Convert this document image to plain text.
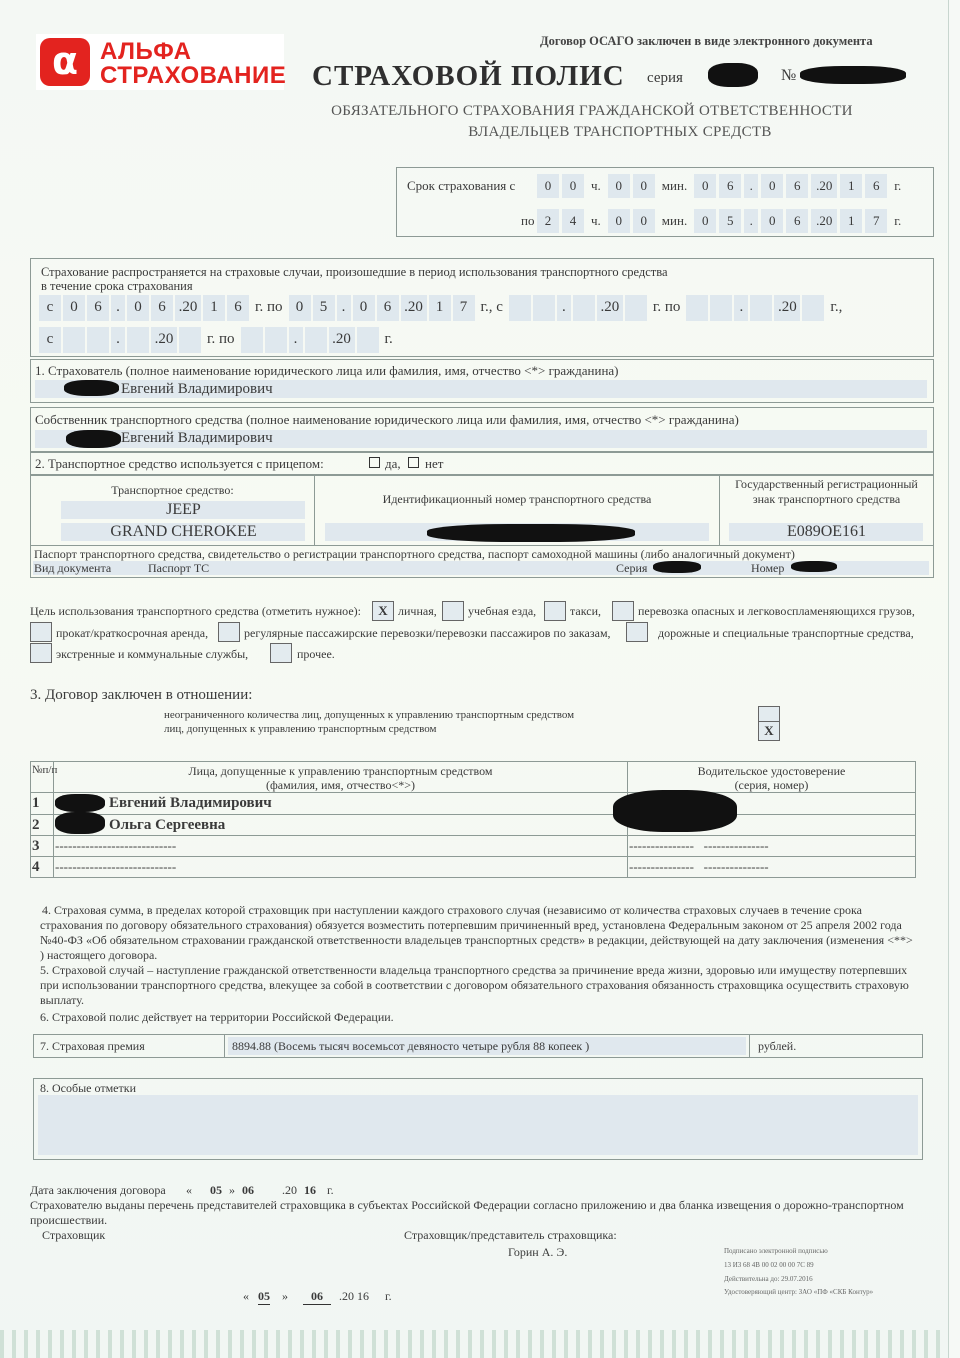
α АЛЬФА
СТРАХОВАНИЕ
Договор ОСАГО заключен в виде электронного документа
СТРАХОВОЙ ПОЛИС серия	№
ОБЯЗАТЕЛЬНОГО СТРАХОВАНИЯ ГРАЖДАНСКОЙ ОТВЕТСТВЕННОСТИ
ВЛАДЕЛЬЦЕВ ТРАНСПОРТНЫХ СРЕДСТВ
Срок страхования с	0	0	ч.	0	0	мин.	0	6	.	0	6	.20	1	6	г.
по 2	4	ч.	0	0	мин.	0	5	.	0	6	.20	1	7	г.
Страхование распространяется на страховые случаи, произошедшие в период использования транспортного средства
в течение срока страхования
с	0	6 . 0	6 .20 1	6 г. по 0	5 . 0	6 .20 1	7 г., с	.	.20 г. по	.	.20 г.,
с	.	.20 г. по	.	.20 г.
1. Страхователь (полное наименование юридического лица или фамилия, имя, отчество <*> гражданина)
Евгений Владимирович
Собственник транспортного средства (полное наименование юридического лица или фамилия, имя, отчество <*> гражданина)
Евгений Владимирович
2. Транспортное средство используется с прицепом:	да, нет
Транспортное средство:
JEEP
GRAND CHEROKEE
Идентификационный номер транспортного средства
Государственный регистрационный
знак транспортного средства
Е089ОЕ161
Паспорт транспортного средства, свидетельство о регистрации транспортного средства, паспорт самоходной машины (либо аналогичный документ)
Вид документа	Паспорт ТС	Серия	Номер
Цель использования транспортного средства (отметить нужное):	X личная,	учебная езда,	такси,	перевозка опасных и легковоспламеняющихся грузов,
прокат/краткосрочная аренда,	регулярные пассажирские перевозки/перевозки пассажиров по заказам,	дорожные и специальные транспортные средства,
экстренные и коммунальные службы,	прочее.
3. Договор заключен в отношении:
неограниченного количества лиц, допущенных к управлению транспортным средством
лиц, допущенных к управлению транспортным средством	X
№п/п	Лица, допущенные к управлению транспортным средством
(фамилия, имя, отчество<*>)
Водительское удостоверение
(серия, номер)
1	Евгений Владимирович
2	Ольга Сергеевна
3 ----------------------------	---------------   ---------------
4 ----------------------------	---------------   ---------------
4. Страховая сумма, в пределах которой страховщик при наступлении каждого страхового случая (независимо от количества страховых случаев в течение срока страхования по договору обязательного страхования) обязуется возместить потерпевшим причиненный вред, установлена Федеральным законом от 25 апреля 2002 года №40-ФЗ «Об обязательном страховании гражданской ответственности владельцев транспортных средств» в редакции, действующей на дату заключения (изменения <**> ) настоящего договора.
5. Страховой случай – наступление гражданской ответственности владельца транспортного средства за причинение вреда жизни, здоровью или имуществу потерпевших при использовании транспортного средства, влекущее за собой в соответствии с договором обязательного страхования обязанность страховщика осуществить страховую выплату.
6. Страховой полис действует на территории Российской Федерации.
7. Страховая премия	8894.88 (Восемь тысяч восемьсот девяносто четыре рубля 88 копеек )	рублей.
8. Особые отметки
Дата заключения договора « 05 » 06 .20 16 г.
Страхователю выданы перечень представителей страховщика в субъектах Российской Федерации согласно приложению и два бланка извещения о дорожно-транспортном происшествии.
Страховщик	Страховщик/представитель страховщика:
Горин А. Э.	Подписано электронной подписью
13 И3 68 4В 00 02 00 00 7С 89
Действительна до: 29.07.2016
Удостоверяющий центр: ЗАО «ПФ «СКБ Контур»
« 05 »	06	.20 16 г.
